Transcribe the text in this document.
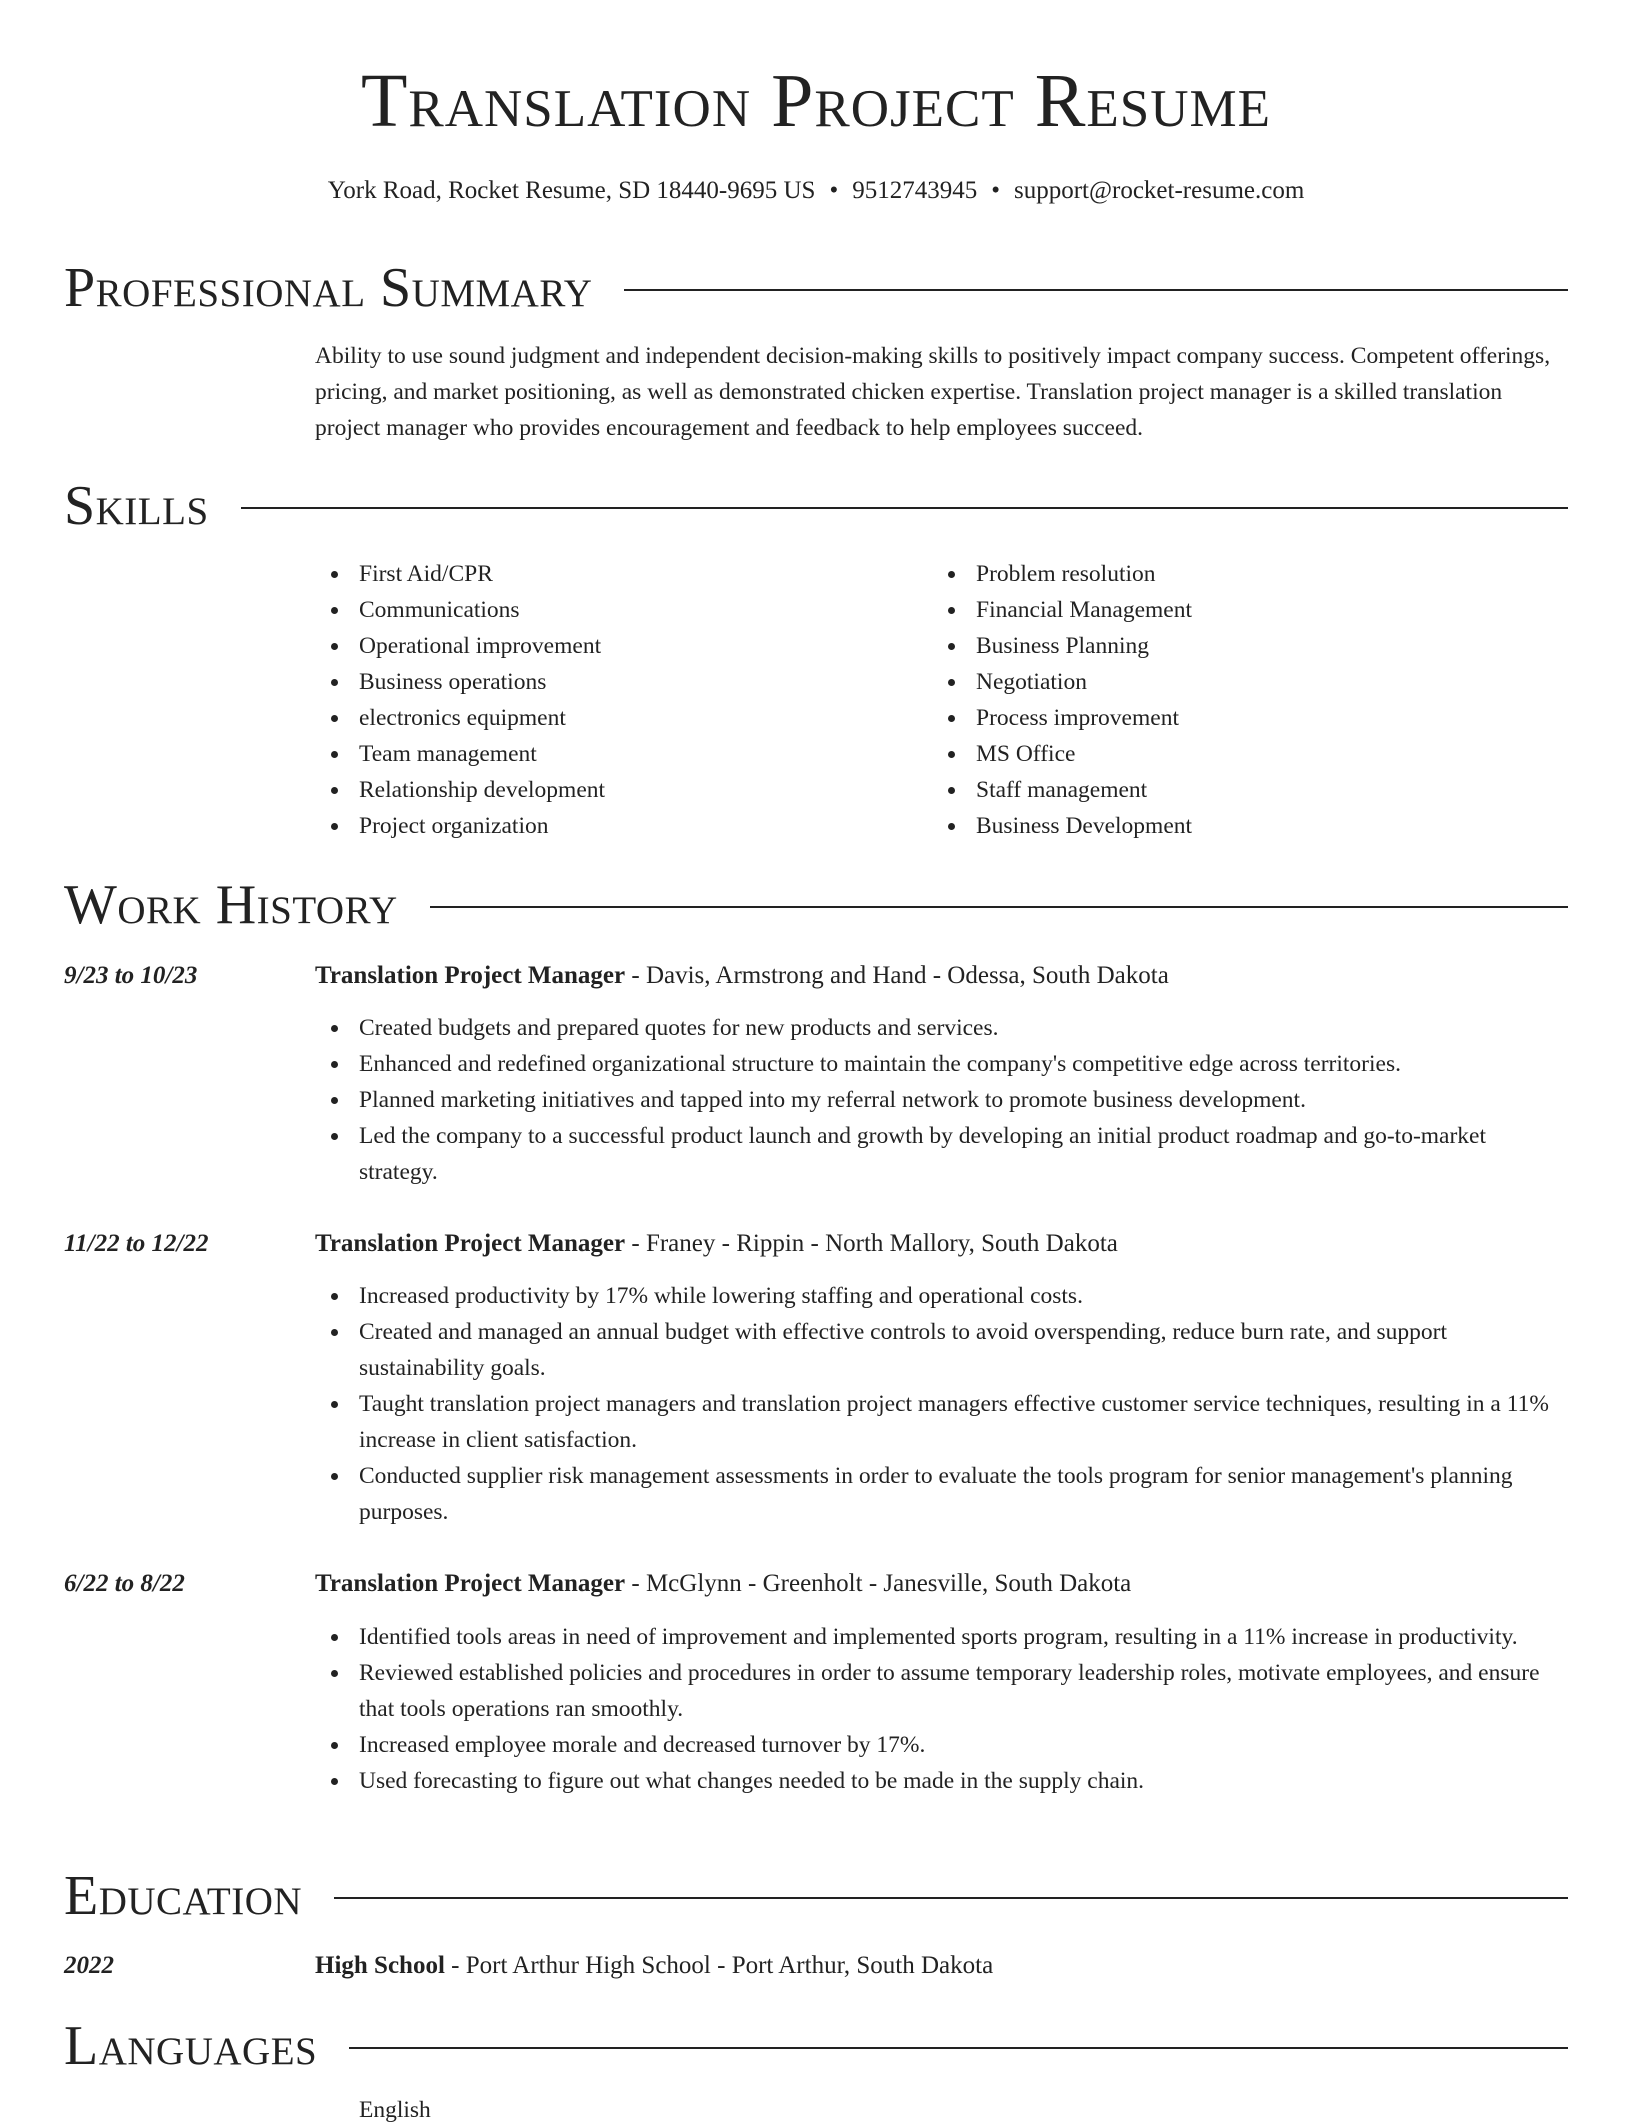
Translation Project Resume
York Road, Rocket Resume, SD 18440-9695 US • 9512743945 • support@rocket-resume.com
Professional Summary

Ability to use sound judgment and independent decision-making skills to positively impact company success. Competent offerings, pricing, and market positioning, as well as demonstrated chicken expertise. Translation project manager is a skilled translation project manager who provides encouragement and feedback to help employees succeed.

Skills
First Aid/CPR
Communications
Operational improvement
Business operations
electronics equipment
Team management
Relationship development
Project organization
Problem resolution
Financial Management
Business Planning
Negotiation
Process improvement
MS Office
Staff management
Business Development
Work History
9/23 to 10/23	Translation Project Manager - Davis, Armstrong and Hand - Odessa, South Dakota
Created budgets and prepared quotes for new products and services.
Enhanced and redefined organizational structure to maintain the company's competitive edge across territories.
Planned marketing initiatives and tapped into my referral network to promote business development.
Led the company to a successful product launch and growth by developing an initial product roadmap and go-to-market strategy.
11/22 to 12/22	Translation Project Manager - Franey - Rippin - North Mallory, South Dakota
Increased productivity by 17% while lowering staffing and operational costs.
Created and managed an annual budget with effective controls to avoid overspending, reduce burn rate, and support sustainability goals.
Taught translation project managers and translation project managers effective customer service techniques, resulting in a 11% increase in client satisfaction.
Conducted supplier risk management assessments in order to evaluate the tools program for senior management's planning purposes.
6/22 to 8/22	Translation Project Manager - McGlynn - Greenholt - Janesville, South Dakota
Identified tools areas in need of improvement and implemented sports program, resulting in a 11% increase in productivity.
Reviewed established policies and procedures in order to assume temporary leadership roles, motivate employees, and ensure that tools operations ran smoothly.
Increased employee morale and decreased turnover by 17%.
Used forecasting to figure out what changes needed to be made in the supply chain.
Education
2022	High School - Port Arthur High School - Port Arthur, South Dakota
Languages
English
